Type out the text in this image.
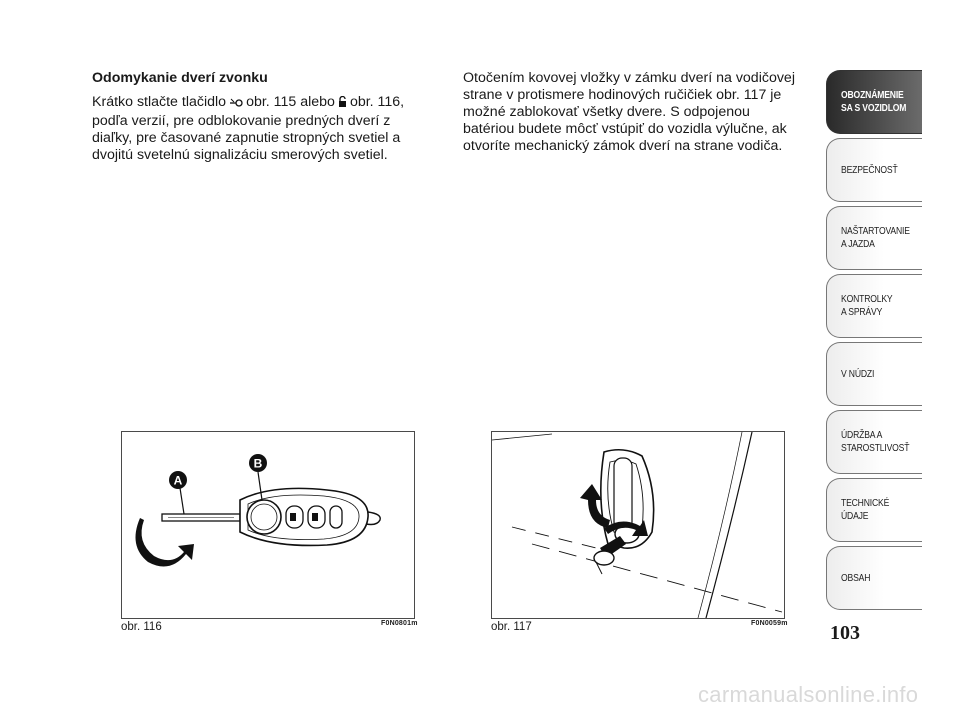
Odomykanie dverí zvonku

Krátko stlačte tlačidlo obr. 115 alebo obr. 116, podľa verzií, pre odblokovanie predných dverí z diaľky, pre časované zapnutie stropných svetiel a dvojitú svetelnú signalizáciu smerových svetiel.

Otočením kovovej vložky v zámku dverí na vodičovej strane v protismere hodinových ručičiek obr. 117 je možné zablokovať všetky dvere. S odpojenou batériou budete môcť vstúpiť do vozidla výlučne, ak otvoríte mechanický zámok dverí na strane vodiča.

A
B
obr. 116	F0N0801m	obr. 117	F0N0059m
OBOZNÁMENIE
SA S VOZIDLOM
BEZPEČNOSŤ
NAŠTARTOVANIE
A JAZDA
KONTROLKY
A SPRÁVY
V NÚDZI
ÚDRŽBA A
STAROSTLIVOSŤ
TECHNICKÉ
ÚDAJE
OBSAH
103
carmanualsonline.info
